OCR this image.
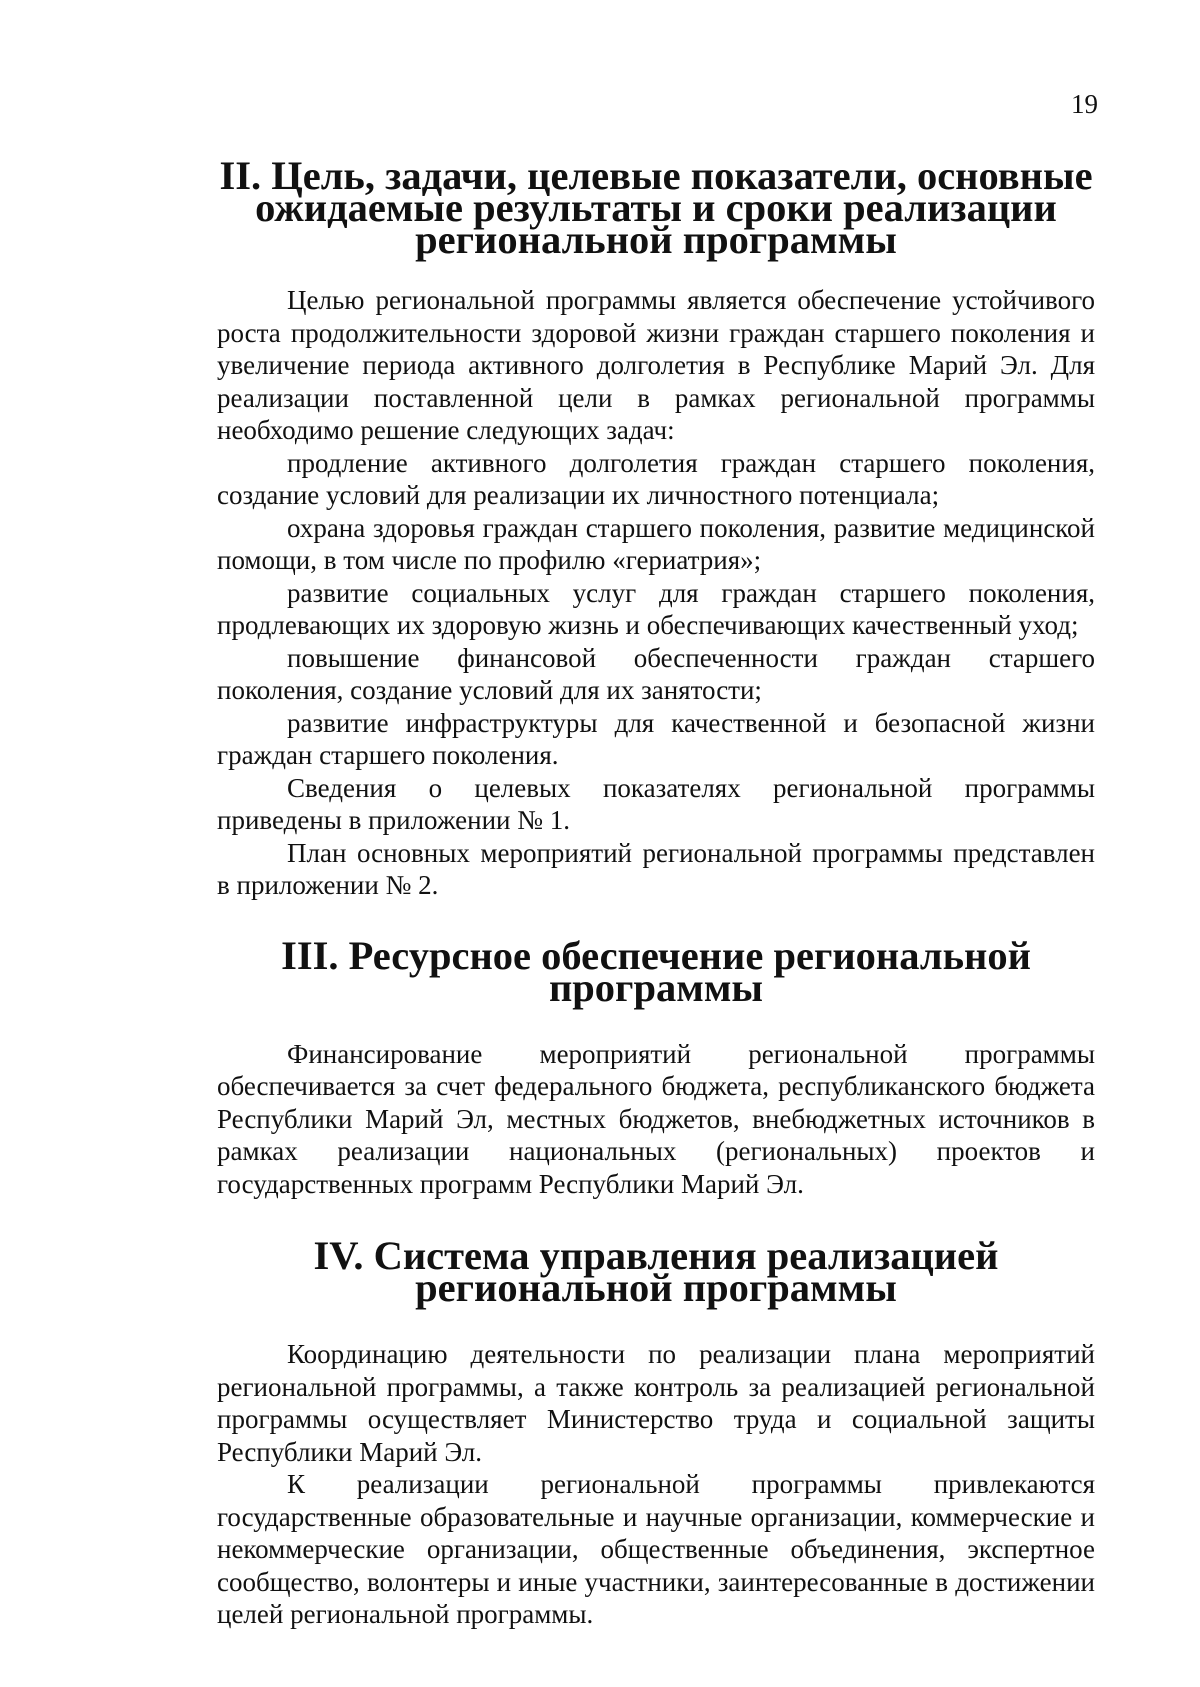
19
II. Цель, задачи, целевые показатели, основные
ожидаемые результаты и сроки реализации
региональной программы

Целью региональной программы является обеспечение устойчивого роста продолжительности здоровой жизни граждан старшего поколения и увеличение периода активного долголетия в Республике Марий Эл. Для реализации поставленной цели в рамках региональной программы необходимо решение следующих задач:

продление активного долголетия граждан старшего поколения, создание условий для реализации их личностного потенциала;

охрана здоровья граждан старшего поколения, развитие медицинской помощи, в том числе по профилю «гериатрия»;

развитие социальных услуг для граждан старшего поколения, продлевающих их здоровую жизнь и обеспечивающих качественный уход;

повышение финансовой обеспеченности граждан старшего поколения, создание условий для их занятости;

развитие инфраструктуры для качественной и безопасной жизни граждан старшего поколения.

Сведения о целевых показателях региональной программы приведены в приложении № 1.

План основных мероприятий региональной программы представлен в приложении № 2.

III. Ресурсное обеспечение региональной программы

Финансирование мероприятий региональной программы обеспечивается за счет федерального бюджета, республиканского бюджета Республики Марий Эл, местных бюджетов, внебюджетных источников в рамках реализации национальных (региональных) проектов и государственных программ Республики Марий Эл.

IV. Система управления реализацией
региональной программы

Координацию деятельности по реализации плана мероприятий региональной программы, а также контроль за реализацией региональной программы осуществляет Министерство труда и социальной защиты Республики Марий Эл.

К реализации региональной программы привлекаются государственные образовательные и научные организации, коммерческие и некоммерческие организации, общественные объединения, экспертное сообщество, волонтеры и иные участники, заинтересованные в достижении целей региональной программы.
